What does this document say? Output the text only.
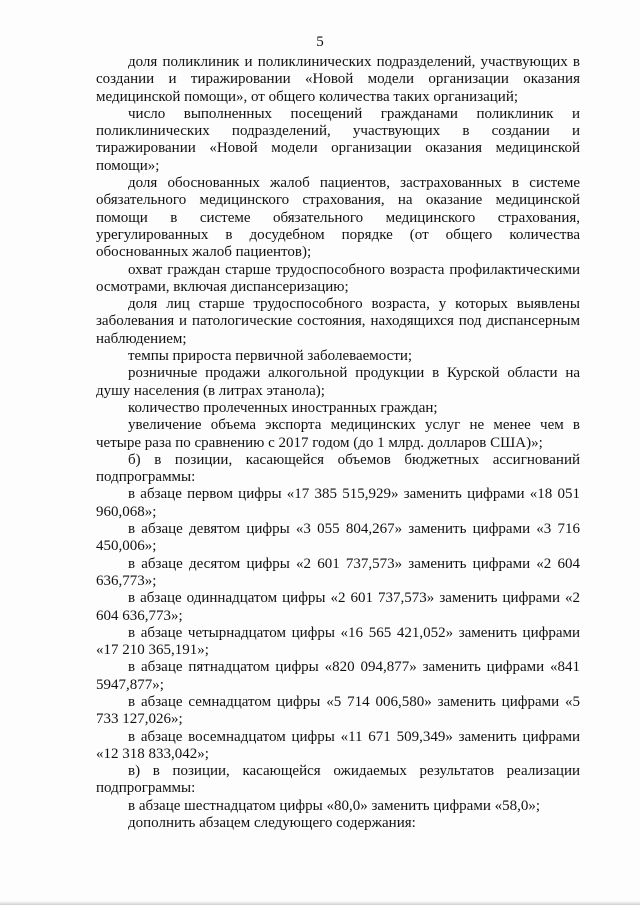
5

доля поликлиник и поликлинических подразделений, участвующих в создании и тиражировании «Новой модели организации оказания медицинской помощи», от общего количества таких организаций;

число выполненных посещений гражданами поликлиник и поликлинических подразделений, участвующих в создании и тиражировании «Новой модели организации оказания медицинской помощи»;

доля обоснованных жалоб пациентов, застрахованных в системе обязательного медицинского страхования, на оказание медицинской помощи в системе обязательного медицинского страхования, урегулированных в досудебном порядке (от общего количества обоснованных жалоб пациентов);

охват граждан старше трудоспособного возраста профилактическими осмотрами, включая диспансеризацию;

доля лиц старше трудоспособного возраста, у которых выявлены заболевания и патологические состояния, находящихся под диспансерным наблюдением;

темпы прироста первичной заболеваемости;

розничные продажи алкогольной продукции в Курской области на душу населения (в литрах этанола);

количество пролеченных иностранных граждан;

увеличение объема экспорта медицинских услуг не менее чем в четыре раза по сравнению с 2017 годом (до 1 млрд. долларов США)»;

б) в позиции, касающейся объемов бюджетных ассигнований подпрограммы:

в абзаце первом цифры «17 385 515,929» заменить цифрами «18 051 960,068»;

в абзаце девятом цифры «3 055 804,267» заменить цифрами «3 716 450,006»;

в абзаце десятом цифры «2 601 737,573» заменить цифрами «2 604 636,773»;

в абзаце одиннадцатом цифры «2 601 737,573» заменить цифрами «2 604 636,773»;

в абзаце четырнадцатом цифры «16 565 421,052» заменить цифрами «17 210 365,191»;

в абзаце пятнадцатом цифры «820 094,877» заменить цифрами «841 5947,877»;

в абзаце семнадцатом цифры «5 714 006,580» заменить цифрами «5 733 127,026»;

в абзаце восемнадцатом цифры «11 671 509,349» заменить цифрами «12 318 833,042»;

в) в позиции, касающейся ожидаемых результатов реализации подпрограммы:

в абзаце шестнадцатом цифры «80,0» заменить цифрами «58,0»;

дополнить абзацем следующего содержания:
